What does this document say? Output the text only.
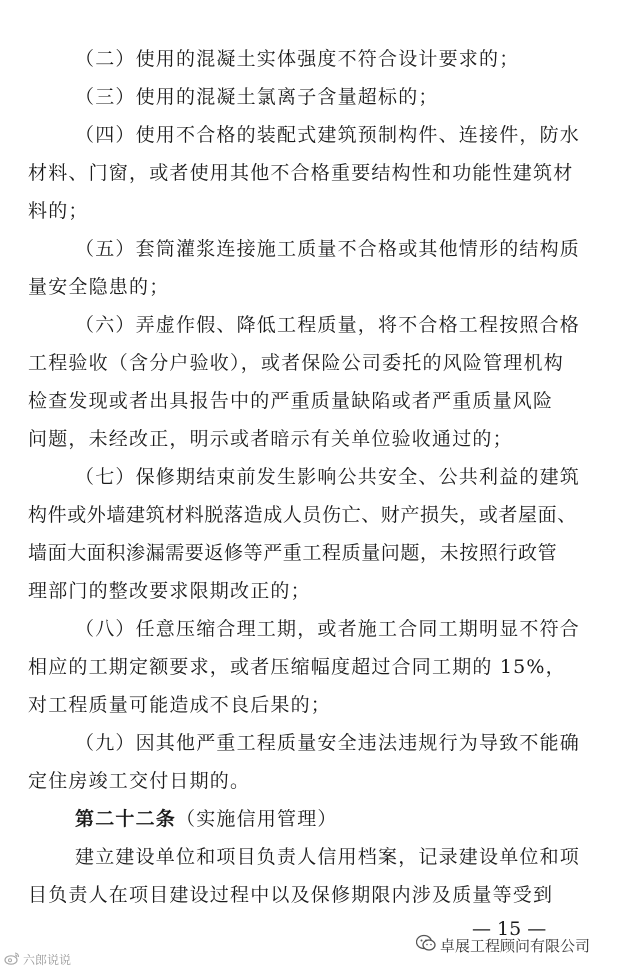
（二）使用的混凝土实体强度不符合设计要求的；
（三）使用的混凝土氯离子含量超标的；
（四）使用不合格的装配式建筑预制构件、连接件，防水
材料、门窗，或者使用其他不合格重要结构性和功能性建筑材
料的；
（五）套筒灌浆连接施工质量不合格或其他情形的结构质
量安全隐患的；
（六）弄虚作假、降低工程质量，将不合格工程按照合格
工程验收（含分户验收），或者保险公司委托的风险管理机构
检查发现或者出具报告中的严重质量缺陷或者严重质量风险
问题，未经改正，明示或者暗示有关单位验收通过的；
（七）保修期结束前发生影响公共安全、公共利益的建筑
构件或外墙建筑材料脱落造成人员伤亡、财产损失，或者屋面、
墙面大面积渗漏需要返修等严重工程质量问题，未按照行政管
理部门的整改要求限期改正的；
（八）任意压缩合理工期，或者施工合同工期明显不符合
相应的工期定额要求，或者压缩幅度超过合同工期的 15%，
对工程质量可能造成不良后果的；
（九）因其他严重工程质量安全违法违规行为导致不能确
定住房竣工交付日期的。
第二十二条（实施信用管理）
建立建设单位和项目负责人信用档案，记录建设单位和项
目负责人在项目建设过程中以及保修期限内涉及质量等受到
— 15 —
卓展工程顾问有限公司
六郎说说
